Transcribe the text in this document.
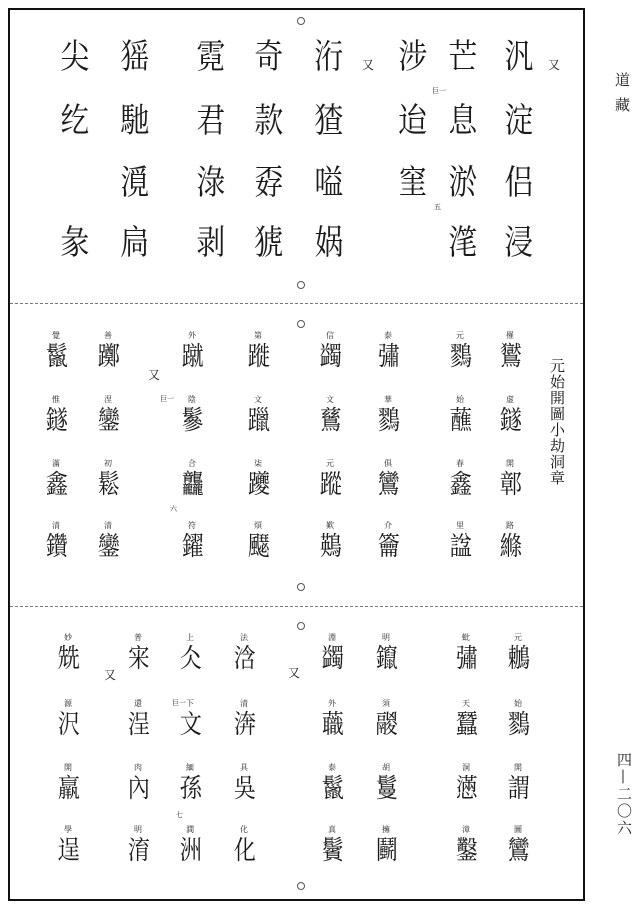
汎
淀
侣
浸
芒
息
淤
滗
涉
迨
窐
洐
猹
嗌
娲
奇
款
孬
猇
霓
君
淥
剥
猺
馳
漞
扃
尖
纥
彖
又
又
巨一
五
元始開圖小劫洞章
罹
鸑
虚
鐩
開
鄣
路
縧
元
鷚
始
蘸
春
鑫
里
諡
泰
彇
華
鷚
俱
鸞
介
籥
信
蠲
文
鶿
元
蹤
歎
鶧
第
蹝
文
躐
柒
躨
煩
飋
外
蹴
陰
鬖
合
龘
符
鑃
善
躑
涅
鑾
初
鬆
清
鑾
覺
鬣
惟
鐩
滿
鑫
清
鑽
又
巨一
六
元
鶒
始
鷚
開
謂
圖
鸞
蚍
彇
天
蠶
洞
懣
漳
鑿
明
鑹
須
鬷
胡
鬘
擁
鬬
淵
蠲
外
蘵
泰
鬣
真
鬢
法
浛
清
渀
具
吳
化
化
上
仌
下
文
緬
孫
澗
洲
普
宩
還
浧
肉
內
明
淯
妙
兟
源
沢
開
羸
學
逞
又
又
巨一
七
道藏
四—二〇六
